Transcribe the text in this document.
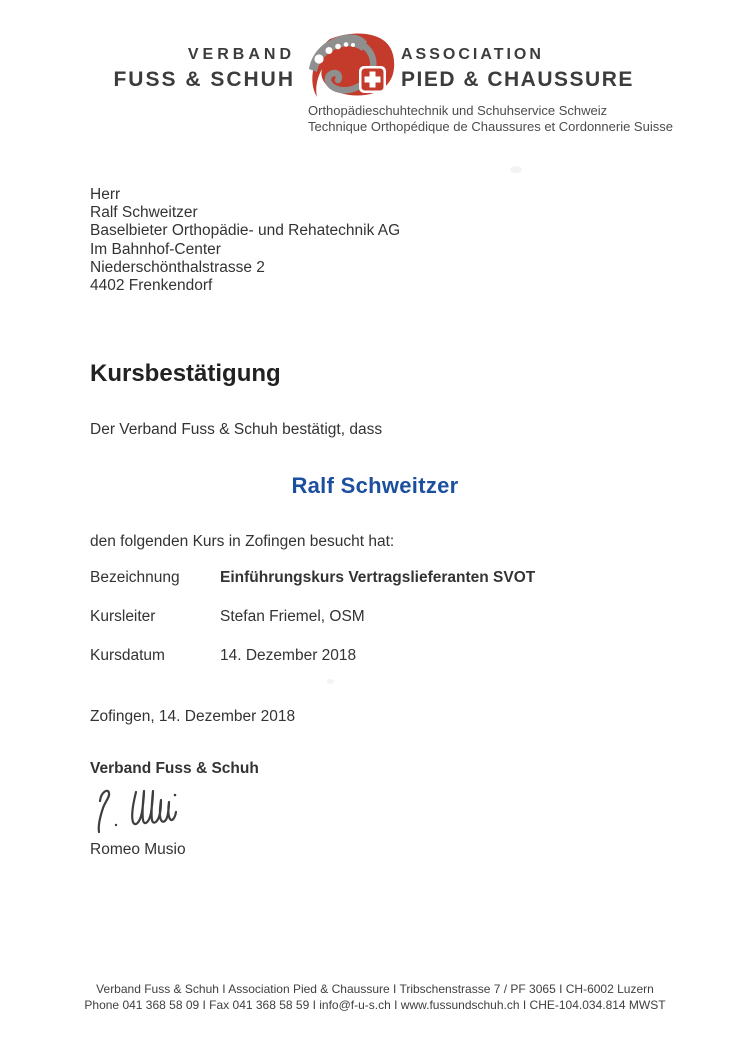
VERBAND
FUSS & SCHUH
ASSOCIATION
PIED & CHAUSSURE
Orthopädieschuhtechnik und Schuhservice Schweiz
Technique Orthopédique de Chaussures et Cordonnerie Suisse
Herr
Ralf Schweitzer
Baselbieter Orthopädie- und Rehatechnik AG
Im Bahnhof-Center
Niederschönthalstrasse 2
4402 Frenkendorf
Kursbestätigung
Der Verband Fuss & Schuh bestätigt, dass
Ralf Schweitzer
den folgenden Kurs in Zofingen besucht hat:
Bezeichnung	Einführungskurs Vertragslieferanten SVOT
Kursleiter	Stefan Friemel, OSM
Kursdatum	14. Dezember 2018
Zofingen, 14. Dezember 2018
Verband Fuss & Schuh
Romeo Musio
Verband Fuss & Schuh I Association Pied & Chaussure I Tribschenstrasse 7 / PF 3065 I CH-6002 Luzern
Phone 041 368 58 09 I Fax 041 368 58 59 I info@f-u-s.ch I www.fussundschuh.ch I CHE-104.034.814 MWST
